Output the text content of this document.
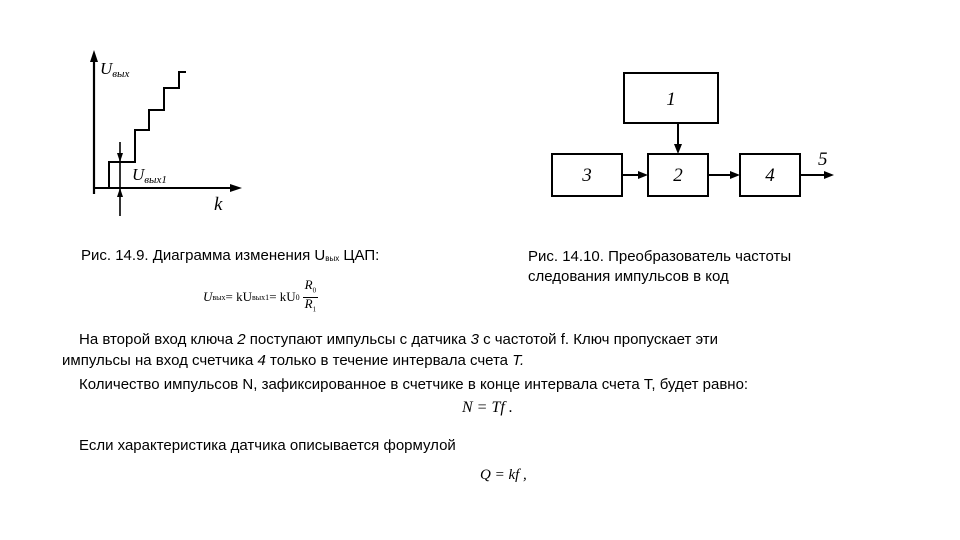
Uвых
Uвых1
k
1
3	2	4
5
Рис. 14.9. Диаграмма изменения $U_{вых}$ ЦАП:	Рис. 14.10. Преобразователь частоты
следования импульсов в код
U вых = kU вых1 = kU 0
$R_0$
$R_1$
На второй вход ключа 2 поступают импульсы с датчика 3 с частотой f. Ключ пропускает эти
импульсы на вход счетчика 4 только в течение интервала счета T.
Количество импульсов N, зафиксированное в счетчике в конце интервала счета T, будет равно:
N = Tf .
Если характеристика датчика описывается формулой
Q = kf ,
